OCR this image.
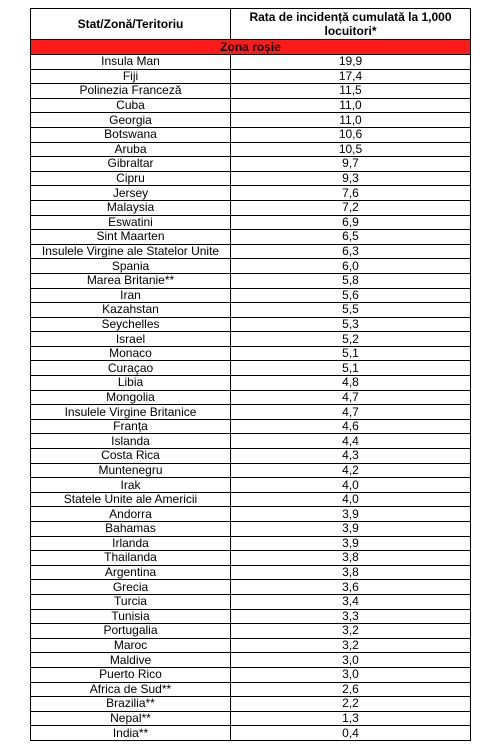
Stat/Zonă/Teritoriu	Rata de incidență cumulată la 1,000 locuitori*
Zona roșie	
Insula Man	19,9
Fiji	17,4
Polinezia Franceză	11,5
Cuba	11,0
Georgia	11,0
Botswana	10,6
Aruba	10,5
Gibraltar	9,7
Cipru	9,3
Jersey	7,6
Malaysia	7,2
Eswatini	6,9
Sint Maarten	6,5
Insulele Virgine ale Statelor Unite	6,3
Spania	6,0
Marea Britanie**	5,8
Iran	5,6
Kazahstan	5,5
Seychelles	5,3
Israel	5,2
Monaco	5,1
Curaçao	5,1
Libia	4,8
Mongolia	4,7
Insulele Virgine Britanice	4,7
Franța	4,6
Islanda	4,4
Costa Rica	4,3
Muntenegru	4,2
Irak	4,0
Statele Unite ale Americii	4,0
Andorra	3,9
Bahamas	3,9
Irlanda	3,9
Thailanda	3,8
Argentina	3,8
Grecia	3,6
Turcia	3,4
Tunisia	3,3
Portugalia	3,2
Maroc	3,2
Maldive	3,0
Puerto Rico	3,0
Africa de Sud**	2,6
Brazilia**	2,2
Nepal**	1,3
India**	0,4
